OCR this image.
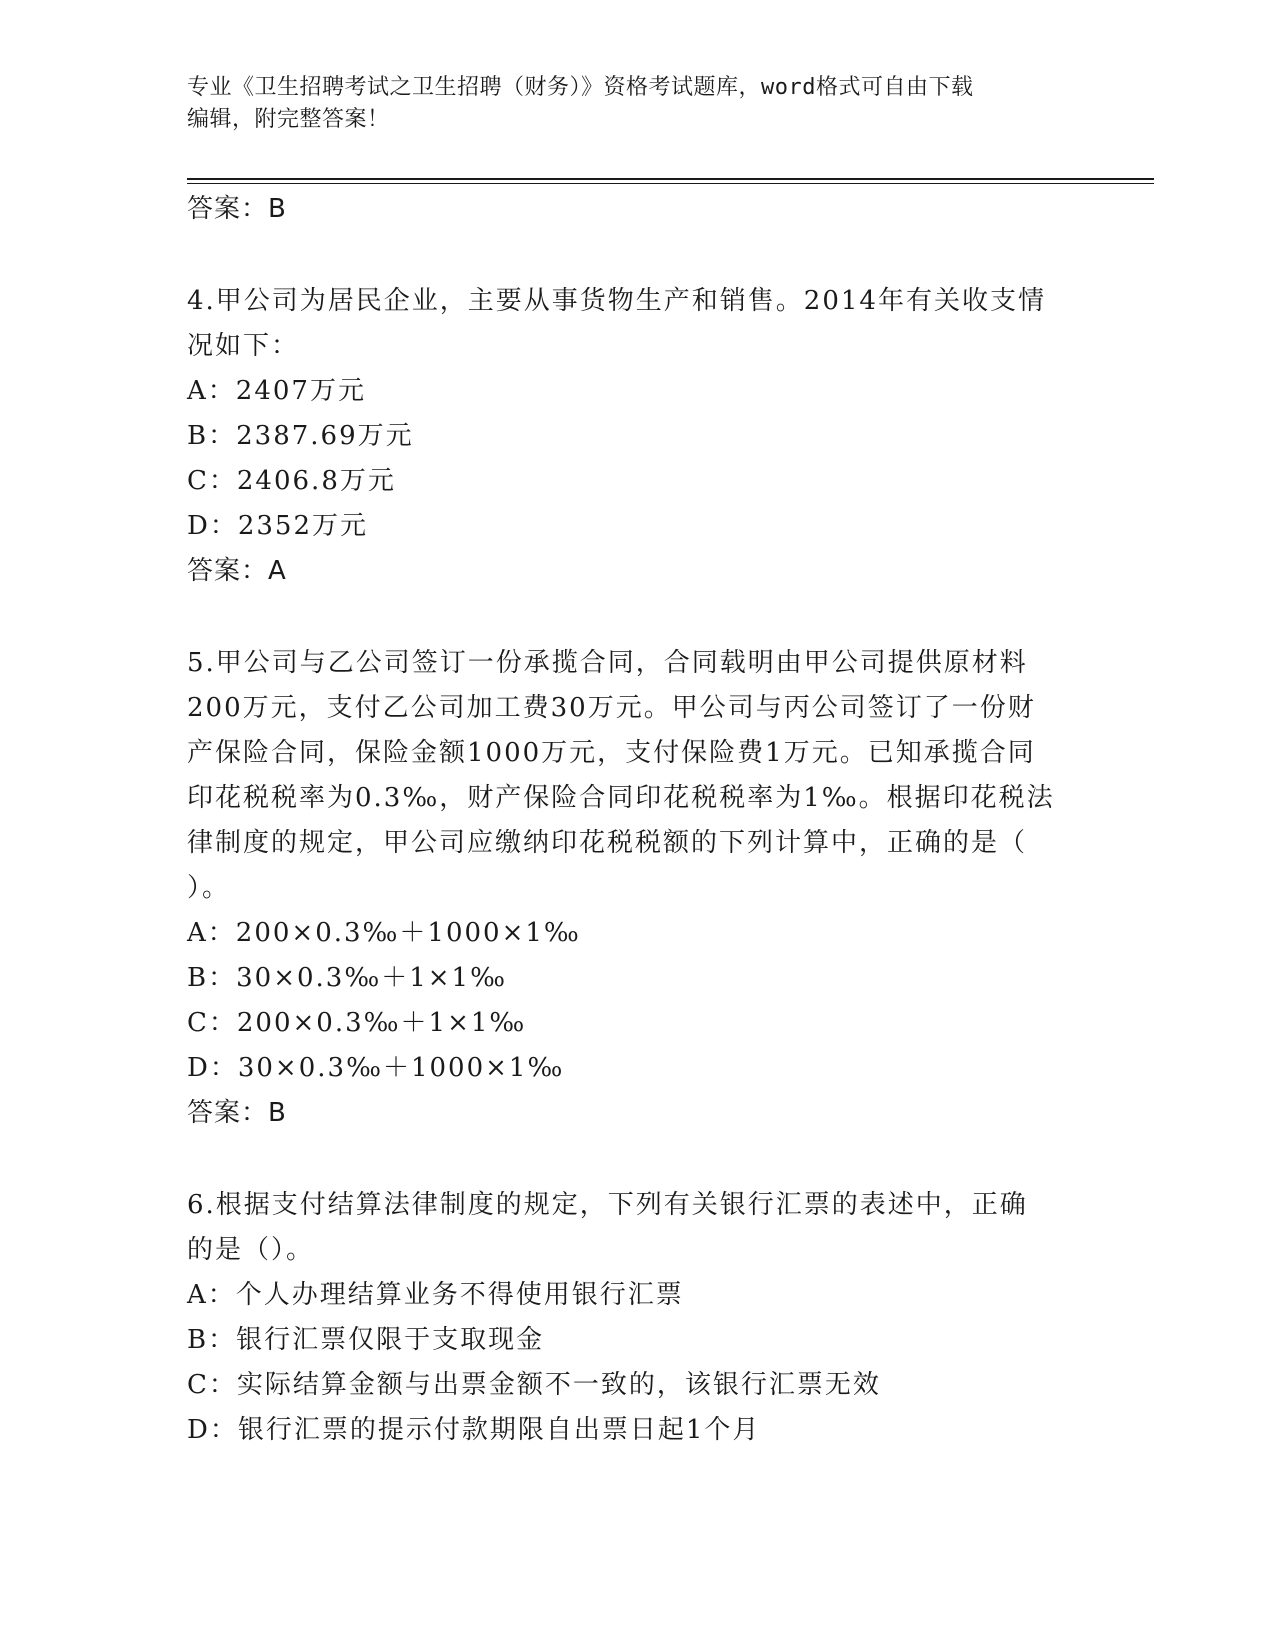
专业《卫生招聘考试之卫生招聘（财务）》资格考试题库，word格式可自由下载
编辑，附完整答案！
答案：B
4.甲公司为居民企业，主要从事货物生产和销售。2014年有关收支情
况如下：
A：2407万元
B：2387.69万元
C：2406.8万元
D：2352万元
答案：A
5.甲公司与乙公司签订一份承揽合同，合同载明由甲公司提供原材料
200万元，支付乙公司加工费30万元。甲公司与丙公司签订了一份财
产保险合同，保险金额1000万元，支付保险费1万元。已知承揽合同
印花税税率为0.3‰，财产保险合同印花税税率为1‰。根据印花税法
律制度的规定，甲公司应缴纳印花税税额的下列计算中，正确的是（
）。
A：200×0.3‰＋1000×1‰
B：30×0.3‰＋1×1‰
C：200×0.3‰＋1×1‰
D：30×0.3‰＋1000×1‰
答案：B
6.根据支付结算法律制度的规定，下列有关银行汇票的表述中，正确
的是（）。
A：个人办理结算业务不得使用银行汇票
B：银行汇票仅限于支取现金
C：实际结算金额与出票金额不一致的，该银行汇票无效
D：银行汇票的提示付款期限自出票日起1个月
